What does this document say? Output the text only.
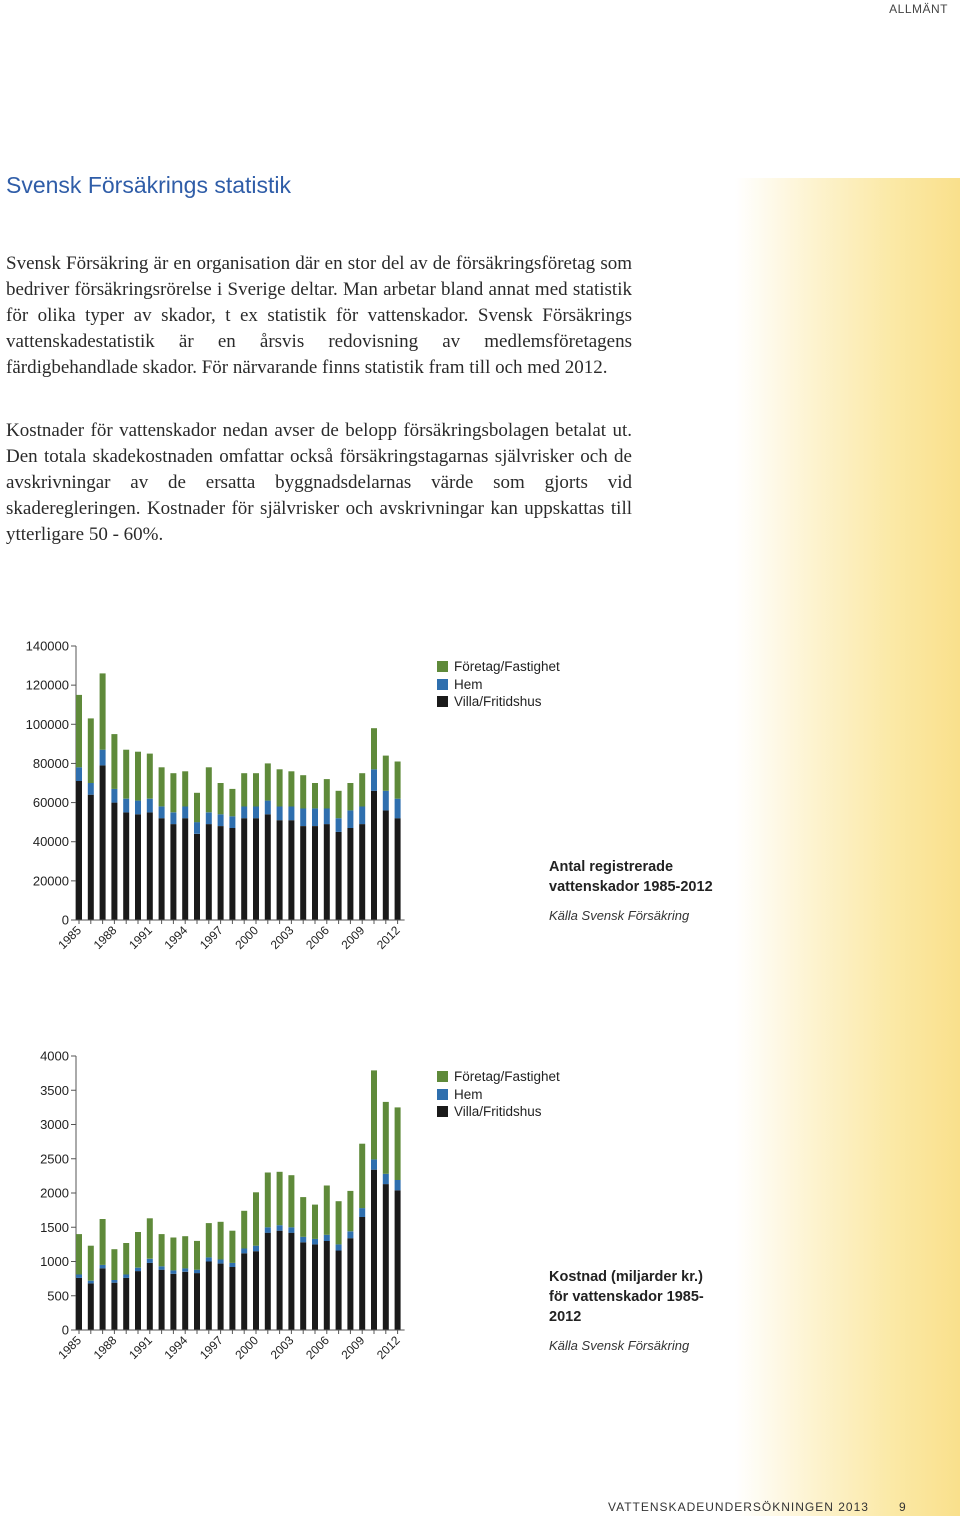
ALLMÄNT
Svensk Försäkrings statistik

Svensk Försäkring är en organisation där en stor del av de försäkringsföretag som bedriver försäkringsrörelse i Sverige deltar. Man arbetar bland annat med statistik för olika typer av skador, t ex statistik för vattenskador. Svensk Försäkrings vattenskadestatistik är en årsvis redovisning av medlemsföretagens färdigbehandlade skador. För närvarande finns statistik fram till och med 2012.

Kostnader för vattenskador nedan avser de belopp försäkringsbolagen betalat ut. Den totala skadekostnaden omfattar också försäkringstagarnas självrisker och de avskrivningar av de ersatta byggnadsdelarnas värde som gjorts vid skaderegleringen. Kostnader för självrisker och avskrivningar kan uppskattas till ytterligare 50 - 60%.

0
20000
40000
60000
80000
100000
120000
140000
1985 1988 1991 1994 1997 2000 2003 2006 2009 2012
Företag/Fastighet
Hem
Villa/Fritidshus
Antal registrerade vattenskador 1985-2012
Källa Svensk Försäkring
0
500
1000
1500
2000
2500
3000
3500
4000
1985 1988 1991 1994 1997 2000 2003 2006 2009 2012
Företag/Fastighet
Hem
Villa/Fritidshus
Kostnad (miljarder kr.) för vattenskador 1985-2012
Källa Svensk Försäkring
VATTENSKADEUNDERSÖKNINGEN 2013	9
